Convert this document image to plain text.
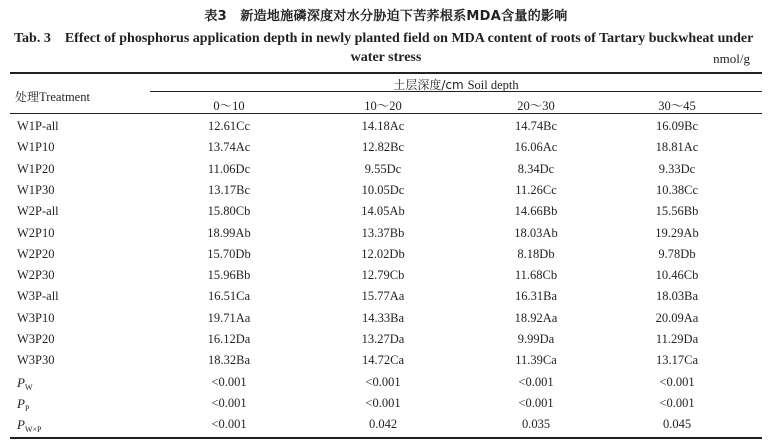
表3　新造地施磷深度对水分胁迫下苦荞根系MDA含量的影响
Tab. 3　Effect of phosphorus application depth in newly planted field on MDA content of roots of Tartary buckwheat under
water stress	nmol/g
处理Treatment
土层深度/cm Soil depth
0～10	10～20	20～30	30～45
W1P-all	12.61Cc	14.18Ac	14.74Bc	16.09Bc
W1P10	13.74Ac	12.82Bc	16.06Ac	18.81Ac
W1P20	11.06Dc	9.55Dc	8.34Dc	9.33Dc
W1P30	13.17Bc	10.05Dc	11.26Cc	10.38Cc
W2P-all	15.80Cb	14.05Ab	14.66Bb	15.56Bb
W2P10	18.99Ab	13.37Bb	18.03Ab	19.29Ab
W2P20	15.70Db	12.02Db	8.18Db	9.78Db
W2P30	15.96Bb	12.79Cb	11.68Cb	10.46Cb
W3P-all	16.51Ca	15.77Aa	16.31Ba	18.03Ba
W3P10	19.71Aa	14.33Ba	18.92Aa	20.09Aa
W3P20	16.12Da	13.27Da	9.99Da	11.29Da
W3P30	18.32Ba	14.72Ca	11.39Ca	13.17Ca
$P_W$	<0.001	<0.001	<0.001	<0.001
$P_P$	<0.001	<0.001	<0.001	<0.001
$P_{W\times P}$	<0.001	0.042	0.035	0.045
